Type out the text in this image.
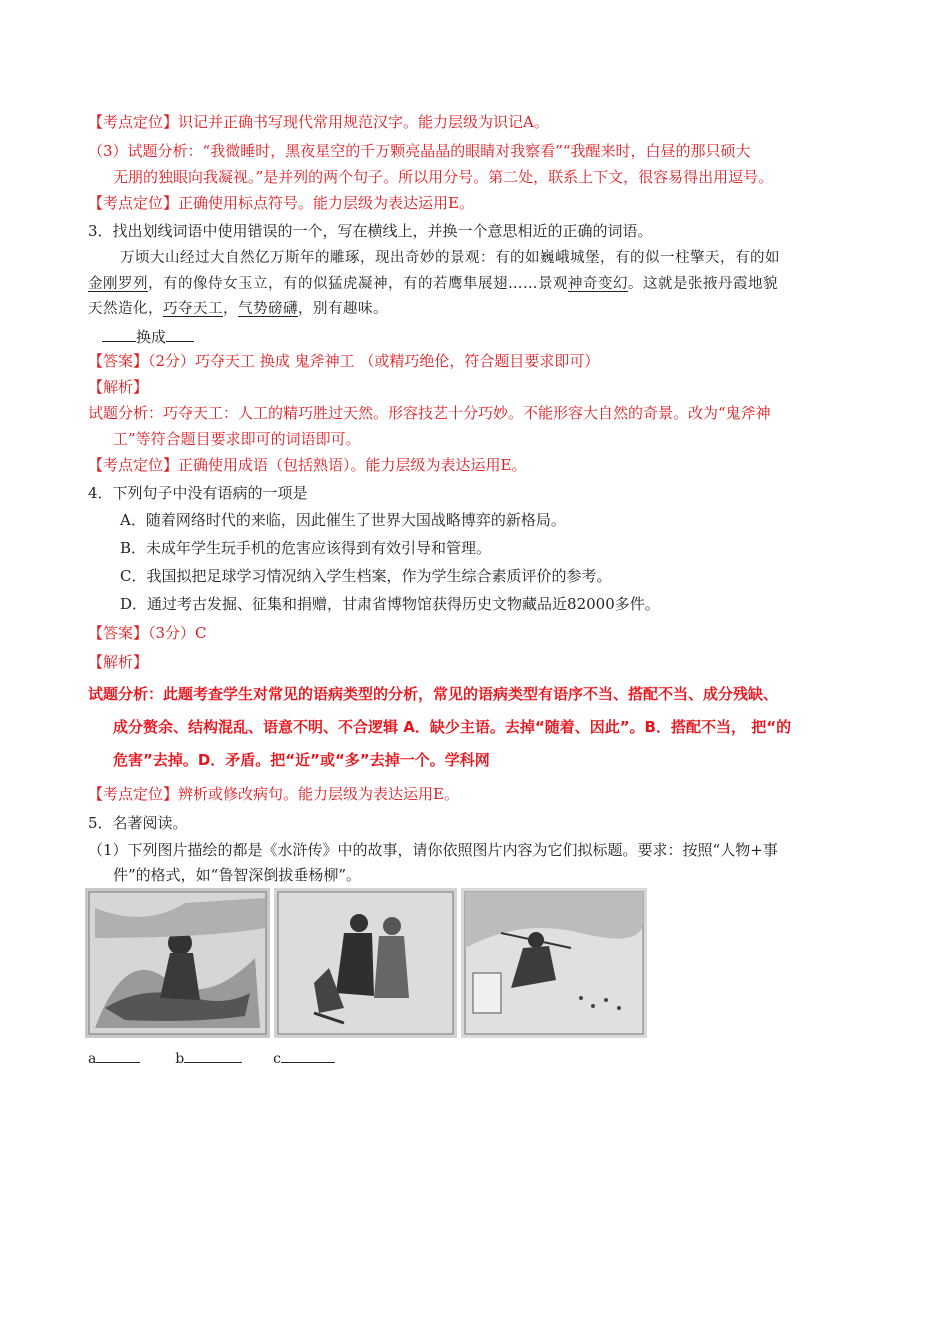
【考点定位】识记并正确书写现代常用规范汉字。能力层级为识记A。
（3）试题分析：“我微睡时，黑夜星空的千万颗亮晶晶的眼睛对我察看”“我醒来时，白昼的那只硕大
无朋的独眼向我凝视。”是并列的两个句子。所以用分号。第二处，联系上下文，很容易得出用逗号。
【考点定位】正确使用标点符号。能力层级为表达运用E。
3．找出划线词语中使用错误的一个，写在横线上，并换一个意思相近的正确的词语。
万顷大山经过大自然亿万斯年的雕琢，现出奇妙的景观：有的如巍峨城堡，有的似一柱擎天，有的如
金刚罗列，有的像侍女玉立，有的似猛虎凝神，有的若鹰隼展翅……景观神奇变幻。这就是张掖丹霞地貌
天然造化，巧夺天工，气势磅礴，别有趣味。
换成
【答案】（2分）巧夺天工 换成 鬼斧神工 （或精巧绝伦，符合题目要求即可）
【解析】
试题分析：巧夺天工：人工的精巧胜过天然。形容技艺十分巧妙。不能形容大自然的奇景。改为“鬼斧神
工”等符合题目要求即可的词语即可。
【考点定位】正确使用成语（包括熟语）。能力层级为表达运用E。
4．下列句子中没有语病的一项是
A．随着网络时代的来临，因此催生了世界大国战略博弈的新格局。
B．未成年学生玩手机的危害应该得到有效引导和管理。
C．我国拟把足球学习情况纳入学生档案，作为学生综合素质评价的参考。
D．通过考古发掘、征集和捐赠，甘肃省博物馆获得历史文物藏品近82000多件。
【答案】（3分）C
【解析】
试题分析：此题考查学生对常见的语病类型的分析，常见的语病类型有语序不当、搭配不当、成分残缺、
成分赘余、结构混乱、语意不明、不合逻辑 A．缺少主语。去掉“随着、因此”。B．搭配不当， 把“的
危害”去掉。D．矛盾。把“近”或“多”去掉一个。学科网
【考点定位】辨析或修改病句。能力层级为表达运用E。
5．名著阅读。
（1）下列图片描绘的都是《水浒传》中的故事，请你依照图片内容为它们拟标题。要求：按照“人物+事
件”的格式，如“鲁智深倒拔垂杨柳”。
a	b	c
